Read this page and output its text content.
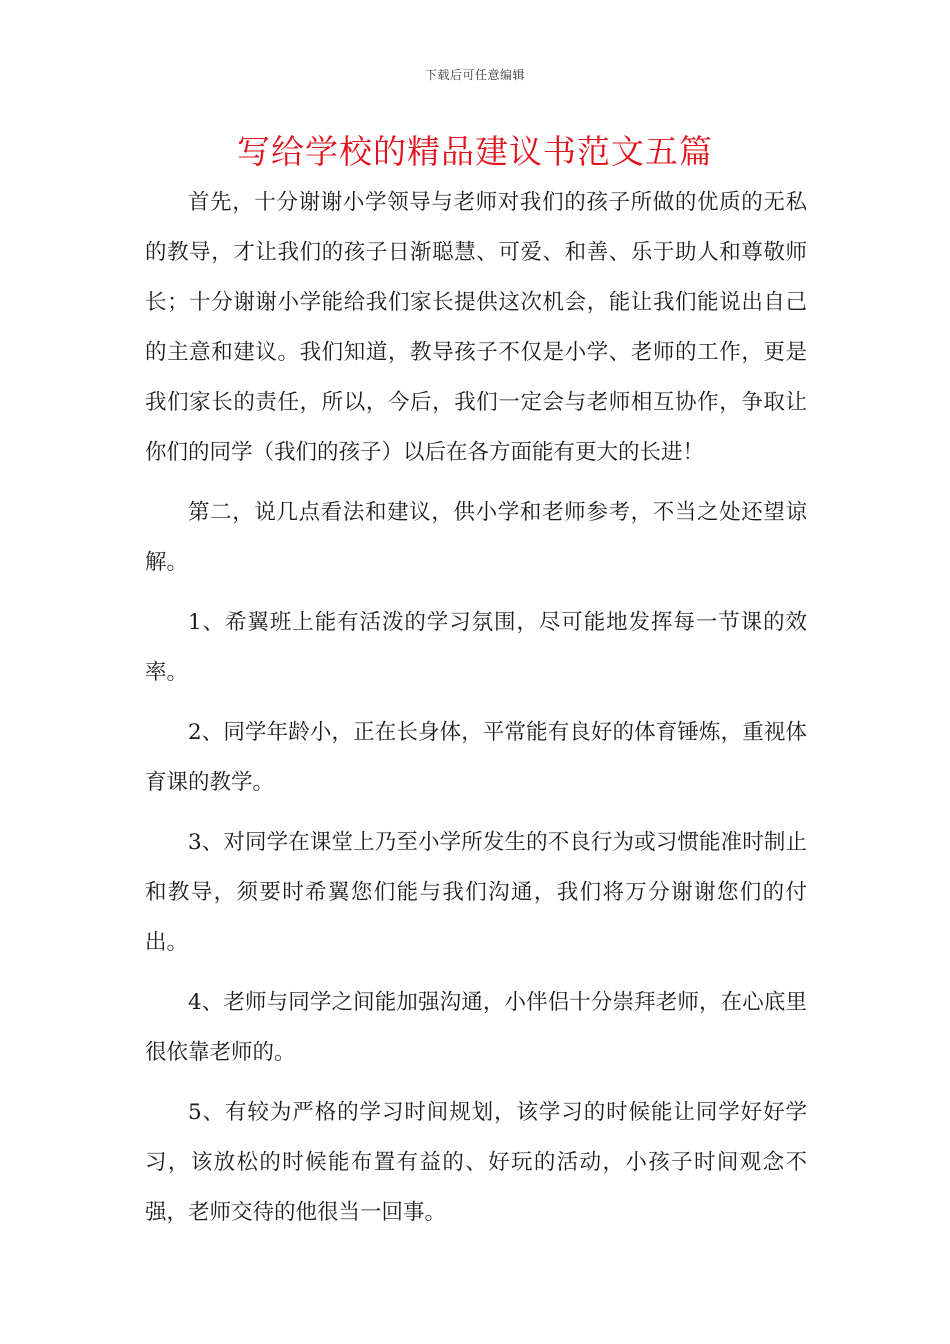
下载后可任意编辑
写给学校的精品建议书范文五篇

首先，十分谢谢小学领导与老师对我们的孩子所做的优质的无私的教导，才让我们的孩子日渐聪慧、可爱、和善、乐于助人和尊敬师长；十分谢谢小学能给我们家长提供这次机会，能让我们能说出自己的主意和建议。我们知道，教导孩子不仅是小学、老师的工作，更是我们家长的责任，所以，今后，我们一定会与老师相互协作，争取让你们的同学（我们的孩子）以后在各方面能有更大的长进！

第二，说几点看法和建议，供小学和老师参考，不当之处还望谅解。

1、希翼班上能有活泼的学习氛围，尽可能地发挥每一节课的效率。

2、同学年龄小，正在长身体，平常能有良好的体育锤炼，重视体育课的教学。

3、对同学在课堂上乃至小学所发生的不良行为或习惯能准时制止和教导，须要时希翼您们能与我们沟通，我们将万分谢谢您们的付出。

4、老师与同学之间能加强沟通，小伴侣十分崇拜老师，在心底里很依靠老师的。

5、有较为严格的学习时间规划，该学习的时候能让同学好好学习，该放松的时候能布置有益的、好玩的活动，小孩子时间观念不强，老师交待的他很当一回事。
